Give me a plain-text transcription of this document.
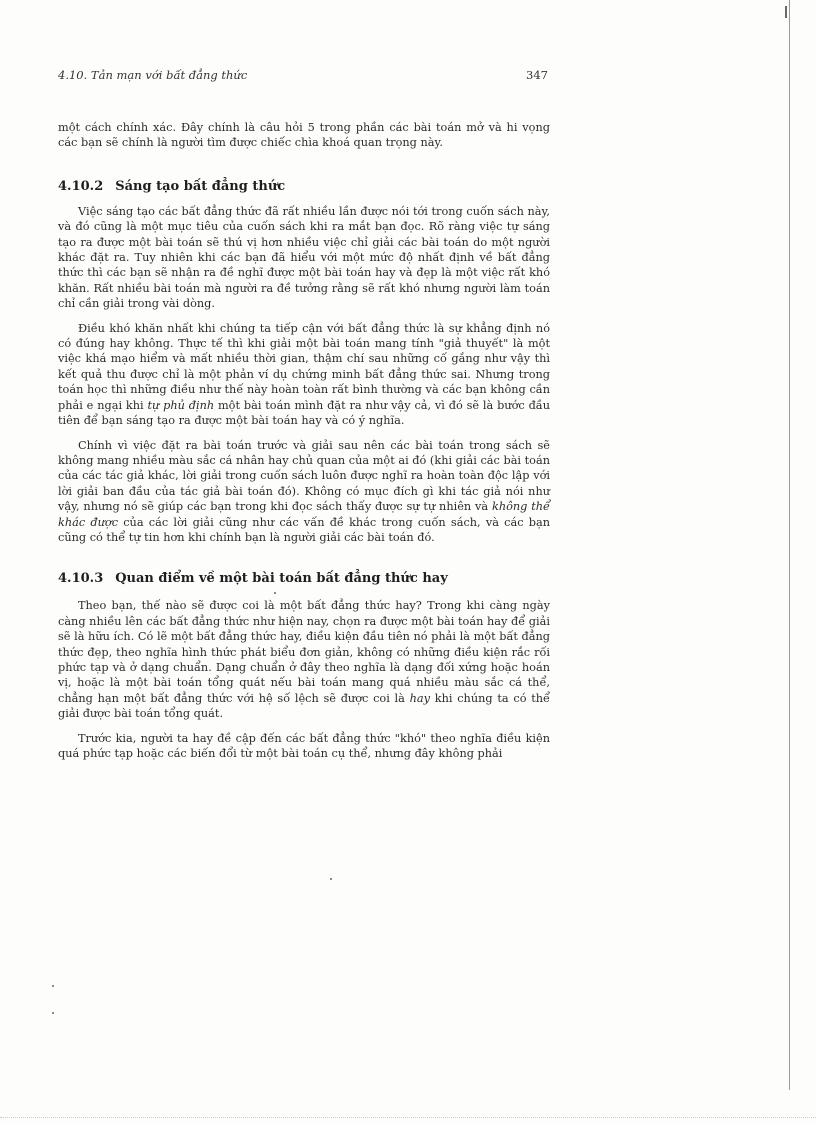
4.10. Tản mạn với bất đẳng thức	347

một cách chính xác. Đây chính là câu hỏi 5 trong phần các bài toán mở và hi vọng các bạn sẽ chính là người tìm được chiếc chìa khoá quan trọng này.

4.10.2 Sáng tạo bất đẳng thức

Việc sáng tạo các bất đẳng thức đã rất nhiều lần được nói tới trong cuốn sách này, và đó cũng là một mục tiêu của cuốn sách khi ra mắt bạn đọc. Rõ ràng việc tự sáng tạo ra được một bài toán sẽ thú vị hơn nhiều việc chỉ giải các bài toán do một người khác đặt ra. Tuy nhiên khi các bạn đã hiểu với một mức độ nhất định về bất đẳng thức thì các bạn sẽ nhận ra đề nghĩ được một bài toán hay và đẹp là một việc rất khó khăn. Rất nhiều bài toán mà người ra đề tưởng rằng sẽ rất khó nhưng người làm toán chỉ cần giải trong vài dòng.

Điều khó khăn nhất khi chúng ta tiếp cận với bất đẳng thức là sự khẳng định nó có đúng hay không. Thực tế thì khi giải một bài toán mang tính "giả thuyết" là một việc khá mạo hiểm và mất nhiều thời gian, thậm chí sau những cố gắng như vậy thì kết quả thu được chỉ là một phản ví dụ chứng minh bất đẳng thức sai. Nhưng trong toán học thì những điều như thế này hoàn toàn rất bình thường và các bạn không cần phải e ngại khi tự phủ định một bài toán mình đặt ra như vậy cả, vì đó sẽ là bước đầu tiên để bạn sáng tạo ra được một bài toán hay và có ý nghĩa.

Chính vì việc đặt ra bài toán trước và giải sau nên các bài toán trong sách sẽ không mang nhiều màu sắc cá nhân hay chủ quan của một ai đó (khi giải các bài toán của các tác giả khác, lời giải trong cuốn sách luôn được nghĩ ra hoàn toàn độc lập với lời giải ban đầu của tác giả bài toán đó). Không có mục đích gì khi tác giả nói như vậy, nhưng nó sẽ giúp các bạn trong khi đọc sách thấy được sự tự nhiên và không thể khác được của các lời giải cũng như các vấn đề khác trong cuốn sách, và các bạn cũng có thể tự tin hơn khi chính bạn là người giải các bài toán đó.

4.10.3 Quan điểm về một bài toán bất đẳng thức hay

Theo bạn, thế nào sẽ được coi là một bất đẳng thức hay? Trong khi càng ngày càng nhiều lên các bất đẳng thức như hiện nay, chọn ra được một bài toán hay để giải sẽ là hữu ích. Có lẽ một bất đẳng thức hay, điều kiện đầu tiên nó phải là một bất đẳng thức đẹp, theo nghĩa hình thức phát biểu đơn giản, không có những điều kiện rắc rối phức tạp và ở dạng chuẩn. Dạng chuẩn ở đây theo nghĩa là dạng đối xứng hoặc hoán vị, hoặc là một bài toán tổng quát nếu bài toán mang quá nhiều màu sắc cá thể, chẳng hạn một bất đẳng thức với hệ số lệch sẽ được coi là hay khi chúng ta có thể giải được bài toán tổng quát.

Trước kia, người ta hay đề cập đến các bất đẳng thức "khó" theo nghĩa điều kiện quá phức tạp hoặc các biến đổi từ một bài toán cụ thể, nhưng đây không phải
